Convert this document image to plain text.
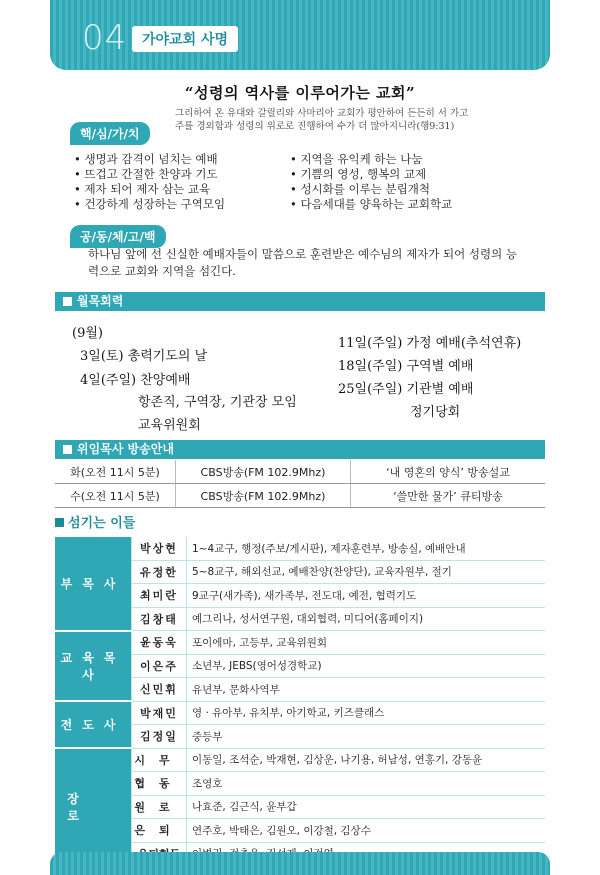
04	가야교회 사명
“성령의 역사를 이루어가는 교회”
그리하여 온 유대와 갈릴리와 사마리아 교회가 평안하여 든든히 서 가고
주를 경외함과 성령의 위로로 진행하여 수가 더 많아지니라(행9:31)
핵/심/가/치
• 생명과 감격이 넘치는 예배
• 뜨겁고 간절한 찬양과 기도
• 제자 되어 제자 삼는 교육
• 건강하게 성장하는 구역모임
• 지역을 유익케 하는 나눔
• 기쁨의 영성, 행복의 교제
• 성시화를 이루는 분립개척
• 다음세대를 양육하는 교회학교
공/동/체/고/백
하나님 앞에 선 신실한 예배자들이 말씀으로 훈련받은 예수님의 제자가 되어 성령의 능력으로 교회와 지역을 섬긴다.
월목회력
(9월)
3일(토) 총력기도의 날
4일(주일) 찬양예배
항존직, 구역장, 기관장 모임
교육위원회
11일(주일) 가정 예배(추석연휴)
18일(주일) 구역별 예배
25일(주일) 기관별 예배
정기당회
위임목사 방송안내
화(오전 11시 5분)	CBS방송(FM 102.9Mhz)	‘내 영혼의 양식’ 방송설교
수(오전 11시 5분)	CBS방송(FM 102.9Mhz)	‘쓸만한 물가’ 큐티방송
섬기는 이들
부목사	박상현	1~4교구, 행정(주보/게시판), 제자훈련부, 방송실, 예배안내
	유정한	5~8교구, 해외선교, 예배찬양(찬양단), 교육자원부, 절기
	최미란	9교구(새가족), 새가족부, 전도대, 예전, 협력기도
	김창태	예그리나, 성서연구원, 대외협력, 미디어(홈페이지)
교육목사	윤동욱	포이에마, 고등부, 교육위원회
	이은주	소년부, JEBS(영어성경학교)
	신민휘	유년부, 문화사역부
전도사	박재민	영 · 유아부, 유치부, 아기학교, 키즈클래스
	김정일	중등부
장로	시무	이동일, 조석순, 박재현, 김상운, 나기용, 허남성, 연홍기, 강동윤
	협동	조영호
	원로	나효준, 김근식, 윤부갑
	은퇴	연주호, 박태은, 김원오, 이강철, 김상수
